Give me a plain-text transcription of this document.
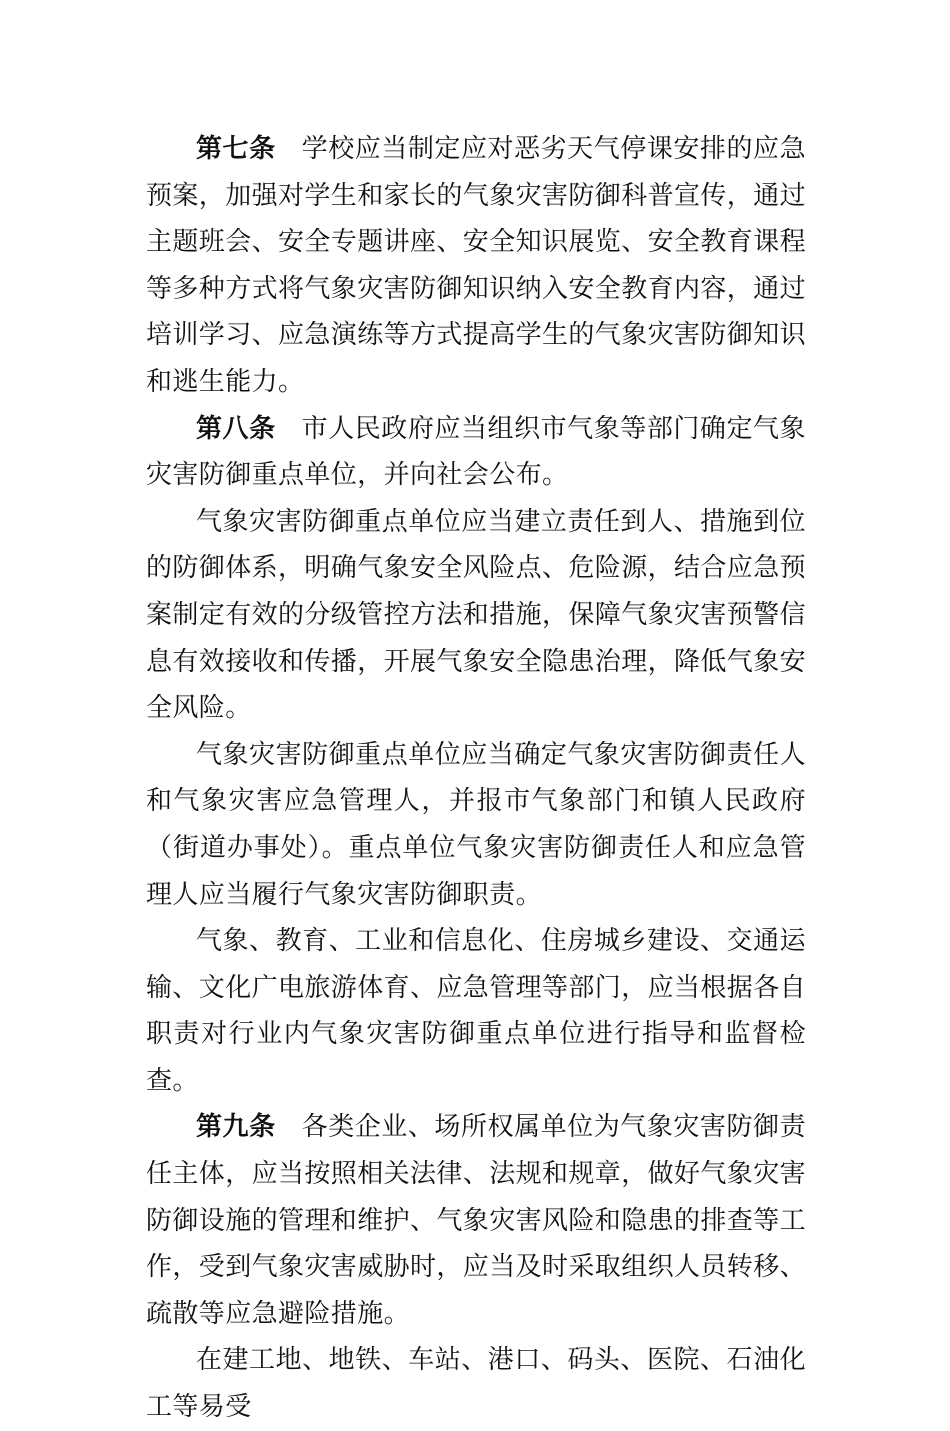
第七条 学校应当制定应对恶劣天气停课安排的应急预案，加强对学生和家长的气象灾害防御科普宣传，通过主题班会、安全专题讲座、安全知识展览、安全教育课程等多种方式将气象灾害防御知识纳入安全教育内容，通过培训学习、应急演练等方式提高学生的气象灾害防御知识和逃生能力。

第八条 市人民政府应当组织市气象等部门确定气象灾害防御重点单位，并向社会公布。

气象灾害防御重点单位应当建立责任到人、措施到位的防御体系，明确气象安全风险点、危险源，结合应急预案制定有效的分级管控方法和措施，保障气象灾害预警信息有效接收和传播，开展气象安全隐患治理，降低气象安全风险。

气象灾害防御重点单位应当确定气象灾害防御责任人和气象灾害应急管理人，并报市气象部门和镇人民政府（街道办事处）。重点单位气象灾害防御责任人和应急管理人应当履行气象灾害防御职责。

气象、教育、工业和信息化、住房城乡建设、交通运输、文化广电旅游体育、应急管理等部门，应当根据各自职责对行业内气象灾害防御重点单位进行指导和监督检查。

第九条 各类企业、场所权属单位为气象灾害防御责任主体，应当按照相关法律、法规和规章，做好气象灾害防御设施的管理和维护、气象灾害风险和隐患的排查等工作，受到气象灾害威胁时，应当及时采取组织人员转移、疏散等应急避险措施。

在建工地、地铁、车站、港口、码头、医院、石油化工等易受
